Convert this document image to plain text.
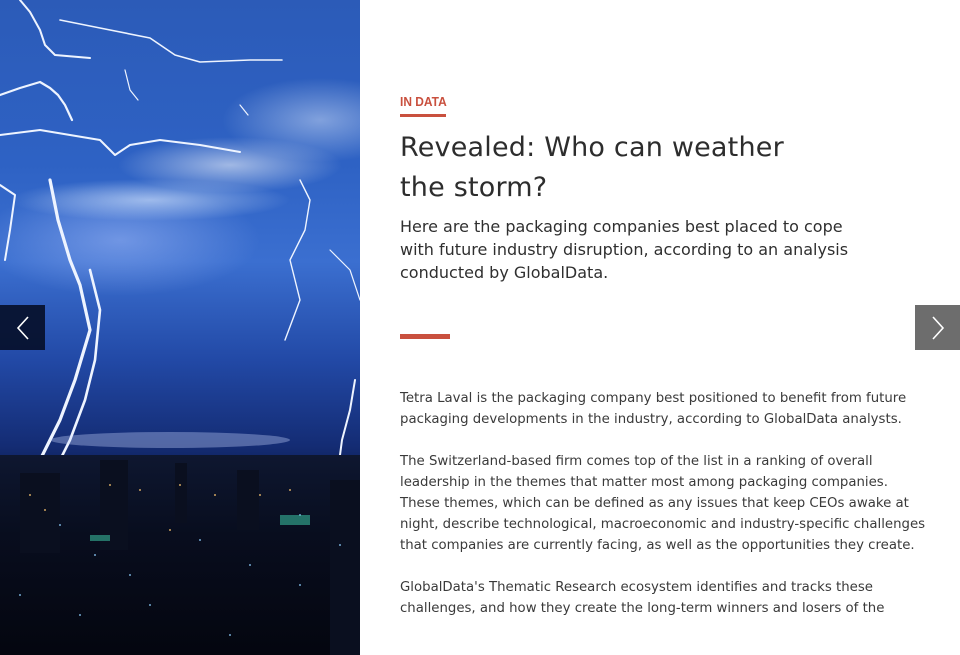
IN DATA
Revealed: Who can weather the storm?

Here are the packaging companies best placed to cope with future industry disruption, according to an analysis conducted by GlobalData.

Tetra Laval is the packaging company best positioned to benefit from future packaging developments in the industry, according to GlobalData analysts.

The Switzerland-based firm comes top of the list in a ranking of overall leadership in the themes that matter most among packaging companies. These themes, which can be defined as any issues that keep CEOs awake at night, describe technological, macroeconomic and industry-specific challenges that companies are currently facing, as well as the opportunities they create.

GlobalData's Thematic Research ecosystem identifies and tracks these challenges, and how they create the long-term winners and losers of the
